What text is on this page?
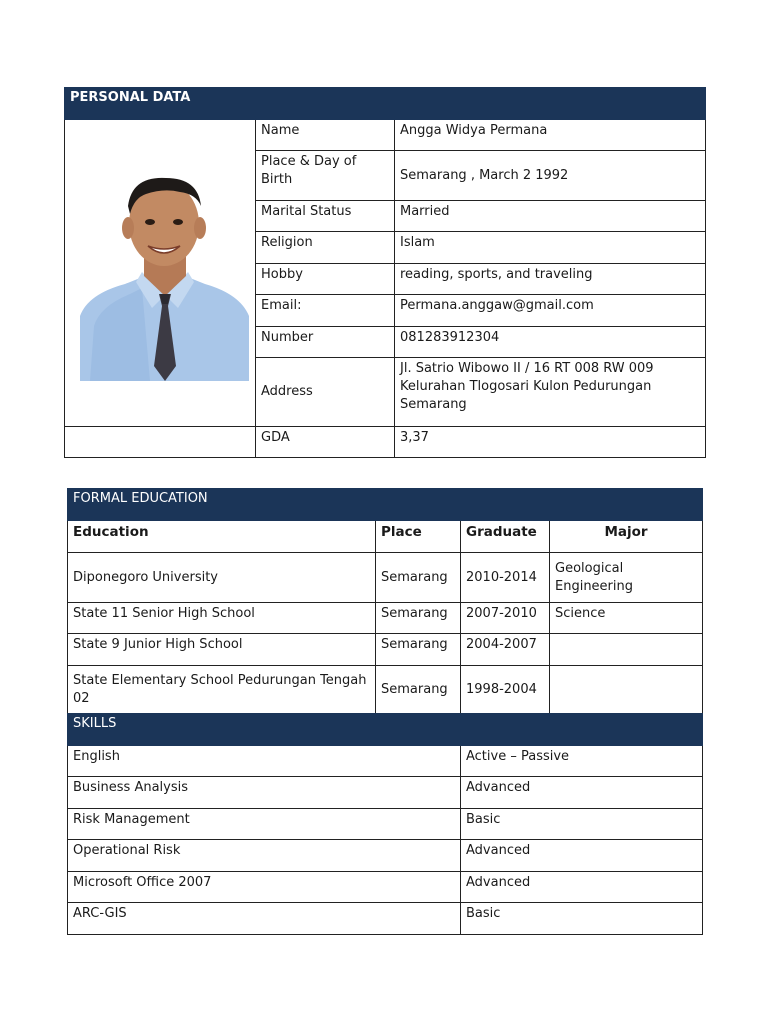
PERSONAL DATA		

	Name	Angga Widya Permana
	Place & Day of Birth	Semarang , March 2 1992
	Marital Status	Married
	Religion	Islam
	Hobby	reading, sports, and traveling
	Email:	Permana.anggaw@gmail.com
	Number	081283912304
	Address	Jl. Satrio Wibowo II / 16 RT 008 RW 009 Kelurahan Tlogosari Kulon Pedurungan Semarang
	GDA	3,37
FORMAL EDUCATION			
Education	Place	Graduate	Major
Diponegoro University	Semarang	2010-2014	Geological Engineering
State 11 Senior High School	Semarang	2007-2010	Science
State 9 Junior High School	Semarang	2004-2007	
State Elementary School Pedurungan Tengah 02	Semarang	1998-2004	
SKILLS	
English	Active – Passive
Business Analysis	Advanced
Risk Management	Basic
Operational Risk	Advanced
Microsoft Office 2007	Advanced
ARC-GIS	Basic
